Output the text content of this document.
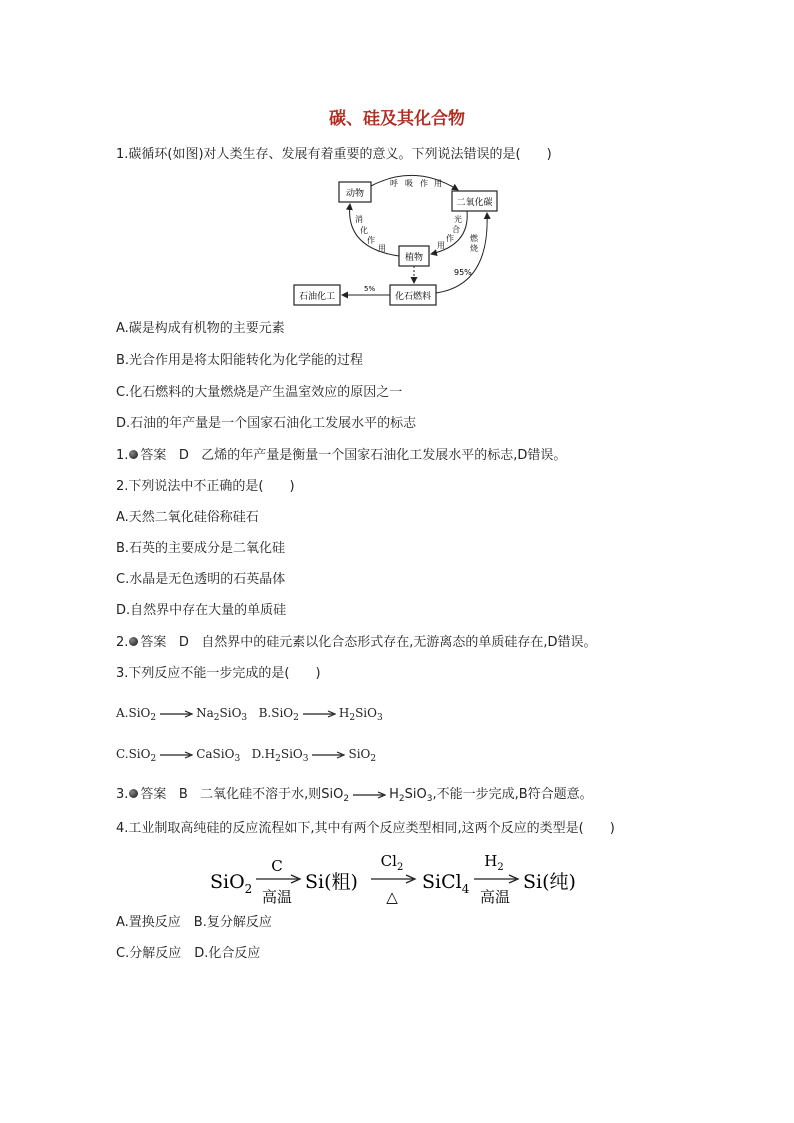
碳、硅及其化合物
1.碳循环(如图)对人类生存、发展有着重要的意义。下列说法错误的是(　　)
动物
二氧化碳
植物
化石燃料
石油化工
呼 吸 作 用
消
化
作
用
光
合
作
用
燃
烧
95%
5%
A.碳是构成有机物的主要元素
B.光合作用是将太阳能转化为化学能的过程
C.化石燃料的大量燃烧是产生温室效应的原因之一
D.石油的年产量是一个国家石油化工发展水平的标志
1. 答案 D 乙烯的年产量是衡量一个国家石油化工发展水平的标志,D错误。
2.下列说法中不正确的是(　　)
A.天然二氧化硅俗称硅石
B.石英的主要成分是二氧化硅
C.水晶是无色透明的石英晶体
D.自然界中存在大量的单质硅
2. 答案 D 自然界中的硅元素以化合态形式存在,无游离态的单质硅存在,D错误。
3.下列反应不能一步完成的是(　　)
$A.SiO_2 \to Na_2SiO_3$ $B.SiO_2 \to H_2SiO_3$
C.SiO$_2$ → CaSiO$_3$ $D.H_2SiO_3 \to SiO_2$
3. 答案 B 二氧化硅不溶于水,则$SiO_2 \to H_2SiO_3$,不能一步完成,B符合题意。
4.工业制取高纯硅的反应流程如下,其中有两个反应类型相同,这两个反应的类型是(　　)
SiO$_2$
C
高温
Si(粗)
$Cl_2$
△
SiCl$_4$
$H_2$
高温
Si(纯)
A.置换反应　B.复分解反应
C.分解反应　D.化合反应
